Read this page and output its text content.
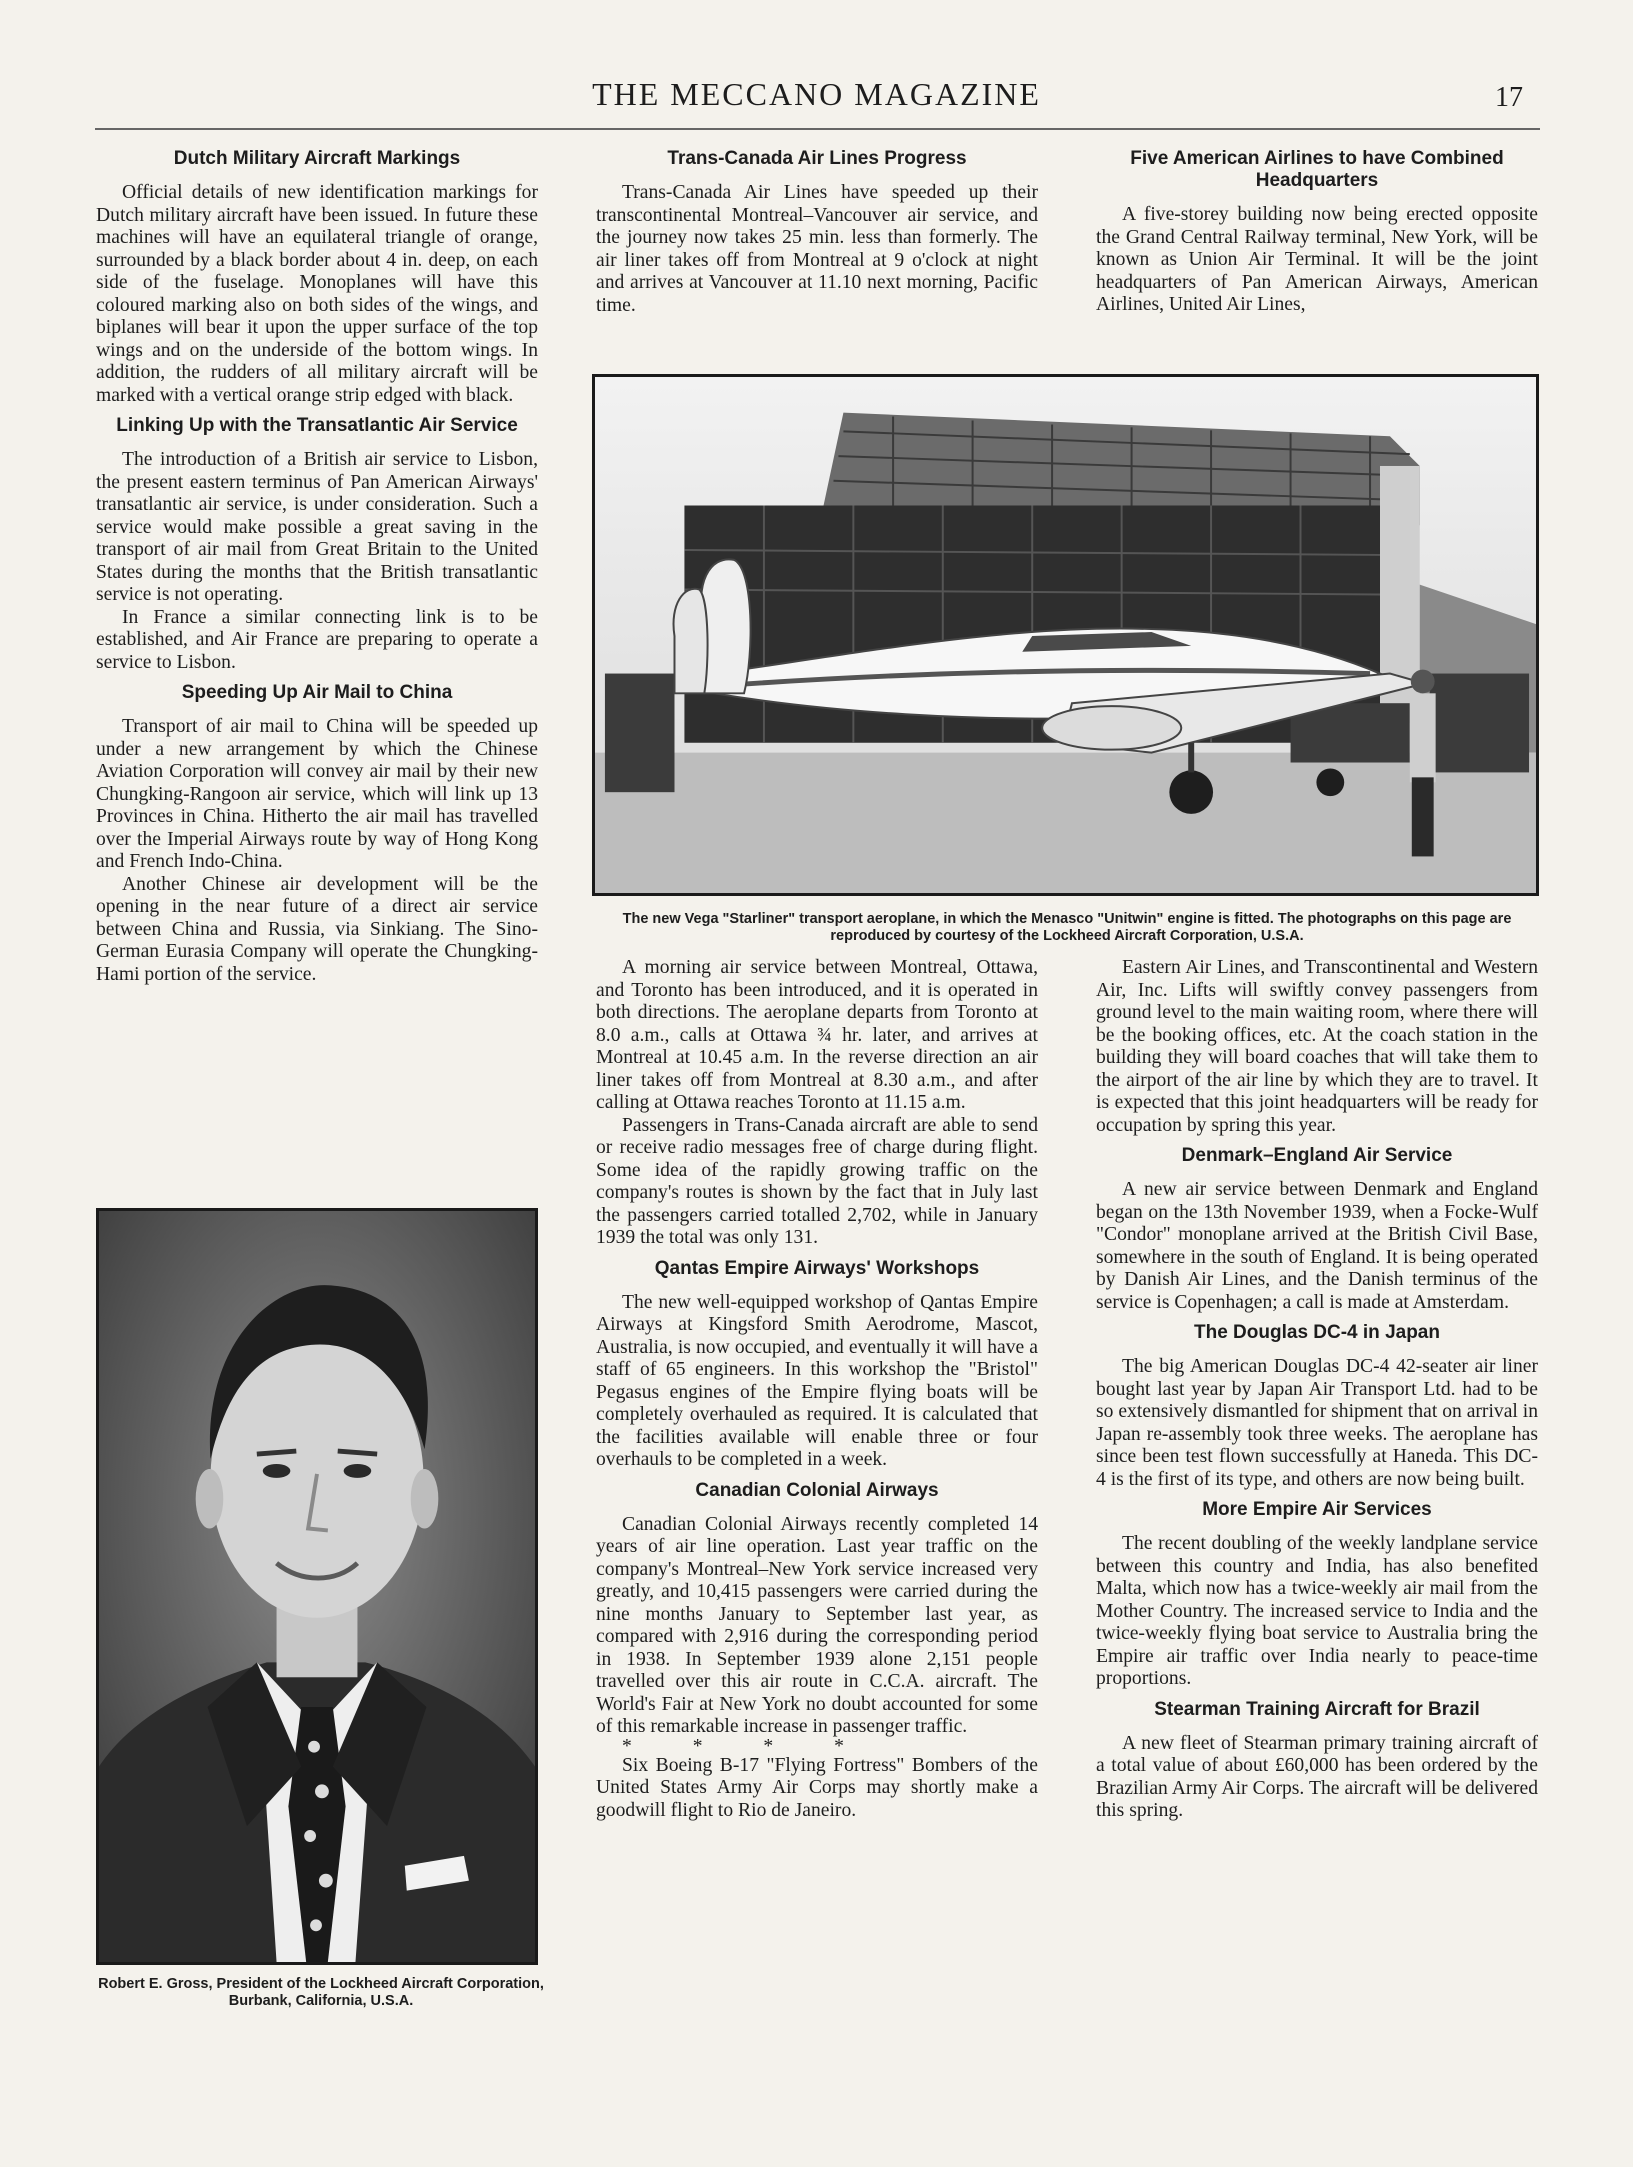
THE MECCANO MAGAZINE	17
Dutch Military Aircraft Markings

Official details of new identification markings for Dutch military aircraft have been issued. In future these machines will have an equilateral triangle of orange, surrounded by a black border about 4 in. deep, on each side of the fuselage. Monoplanes will have this coloured marking also on both sides of the wings, and biplanes will bear it upon the upper surface of the top wings and on the underside of the bottom wings. In addition, the rudders of all military aircraft will be marked with a vertical orange strip edged with black.

Linking Up with the Transatlantic Air Service

The introduction of a British air service to Lisbon, the present eastern terminus of Pan American Airways' transatlantic air service, is under consideration. Such a service would make possible a great saving in the transport of air mail from Great Britain to the United States during the months that the British transatlantic service is not operating.

In France a similar connecting link is to be established, and Air France are preparing to operate a service to Lisbon.

Speeding Up Air Mail to China

Transport of air mail to China will be speeded up under a new arrangement by which the Chinese Aviation Corporation will convey air mail by their new Chungking-Rangoon air service, which will link up 13 Provinces in China. Hitherto the air mail has travelled over the Imperial Airways route by way of Hong Kong and French Indo-China.

Another Chinese air development will be the opening in the near future of a direct air service between China and Russia, via Sinkiang. The Sino-German Eurasia Company will operate the Chungking-Hami portion of the service.

Trans-Canada Air Lines Progress

Trans-Canada Air Lines have speeded up their transcontinental Montreal–Vancouver air service, and the journey now takes 25 min. less than formerly. The air liner takes off from Montreal at 9 o'clock at night and arrives at Vancouver at 11.10 next morning, Pacific time.

Five American Airlines to have Combined Headquarters

A five-storey building now being erected opposite the Grand Central Railway terminal, New York, will be known as Union Air Terminal. It will be the joint headquarters of Pan American Airways, American Airlines, United Air Lines,

The new Vega "Starliner" transport aeroplane, in which the Menasco "Unitwin" engine is fitted. The photographs on this page are reproduced by courtesy of the Lockheed Aircraft Corporation, U.S.A.

A morning air service between Montreal, Ottawa, and Toronto has been introduced, and it is operated in both directions. The aeroplane departs from Toronto at 8.0 a.m., calls at Ottawa ¾ hr. later, and arrives at Montreal at 10.45 a.m. In the reverse direction an air liner takes off from Montreal at 8.30 a.m., and after calling at Ottawa reaches Toronto at 11.15 a.m.

Passengers in Trans-Canada aircraft are able to send or receive radio messages free of charge during flight. Some idea of the rapidly growing traffic on the company's routes is shown by the fact that in July last the passengers carried totalled 2,702, while in January 1939 the total was only 131.

Qantas Empire Airways' Workshops

The new well-equipped workshop of Qantas Empire Airways at Kingsford Smith Aerodrome, Mascot, Australia, is now occupied, and eventually it will have a staff of 65 engineers. In this workshop the "Bristol" Pegasus engines of the Empire flying boats will be completely overhauled as required. It is calculated that the facilities available will enable three or four overhauls to be completed in a week.

Canadian Colonial Airways

Canadian Colonial Airways recently completed 14 years of air line operation. Last year traffic on the company's Montreal–New York service increased very greatly, and 10,415 passengers were carried during the nine months January to September last year, as compared with 2,916 during the corresponding period in 1938. In September 1939 alone 2,151 people travelled over this air route in C.C.A. aircraft. The World's Fair at New York no doubt accounted for some of this remarkable increase in passenger traffic.

* * * *

Six Boeing B-17 "Flying Fortress" Bombers of the United States Army Air Corps may shortly make a goodwill flight to Rio de Janeiro.

Eastern Air Lines, and Transcontinental and Western Air, Inc. Lifts will swiftly convey passengers from ground level to the main waiting room, where there will be the booking offices, etc. At the coach station in the building they will board coaches that will take them to the airport of the air line by which they are to travel. It is expected that this joint headquarters will be ready for occupation by spring this year.

Denmark–England Air Service

A new air service between Denmark and England began on the 13th November 1939, when a Focke-Wulf "Condor" monoplane arrived at the British Civil Base, somewhere in the south of England. It is being operated by Danish Air Lines, and the Danish terminus of the service is Copenhagen; a call is made at Amsterdam.

The Douglas DC-4 in Japan

The big American Douglas DC-4 42-seater air liner bought last year by Japan Air Transport Ltd. had to be so extensively dismantled for shipment that on arrival in Japan re-assembly took three weeks. The aeroplane has since been test flown successfully at Haneda. This DC-4 is the first of its type, and others are now being built.

More Empire Air Services

The recent doubling of the weekly landplane service between this country and India, has also benefited Malta, which now has a twice-weekly air mail from the Mother Country. The increased service to India and the twice-weekly flying boat service to Australia bring the Empire air traffic over India nearly to peace-time proportions.

Stearman Training Aircraft for Brazil

A new fleet of Stearman primary training aircraft of a total value of about £60,000 has been ordered by the Brazilian Army Air Corps. The aircraft will be delivered this spring.

Robert E. Gross, President of the Lockheed Aircraft Corporation, Burbank, California, U.S.A.
